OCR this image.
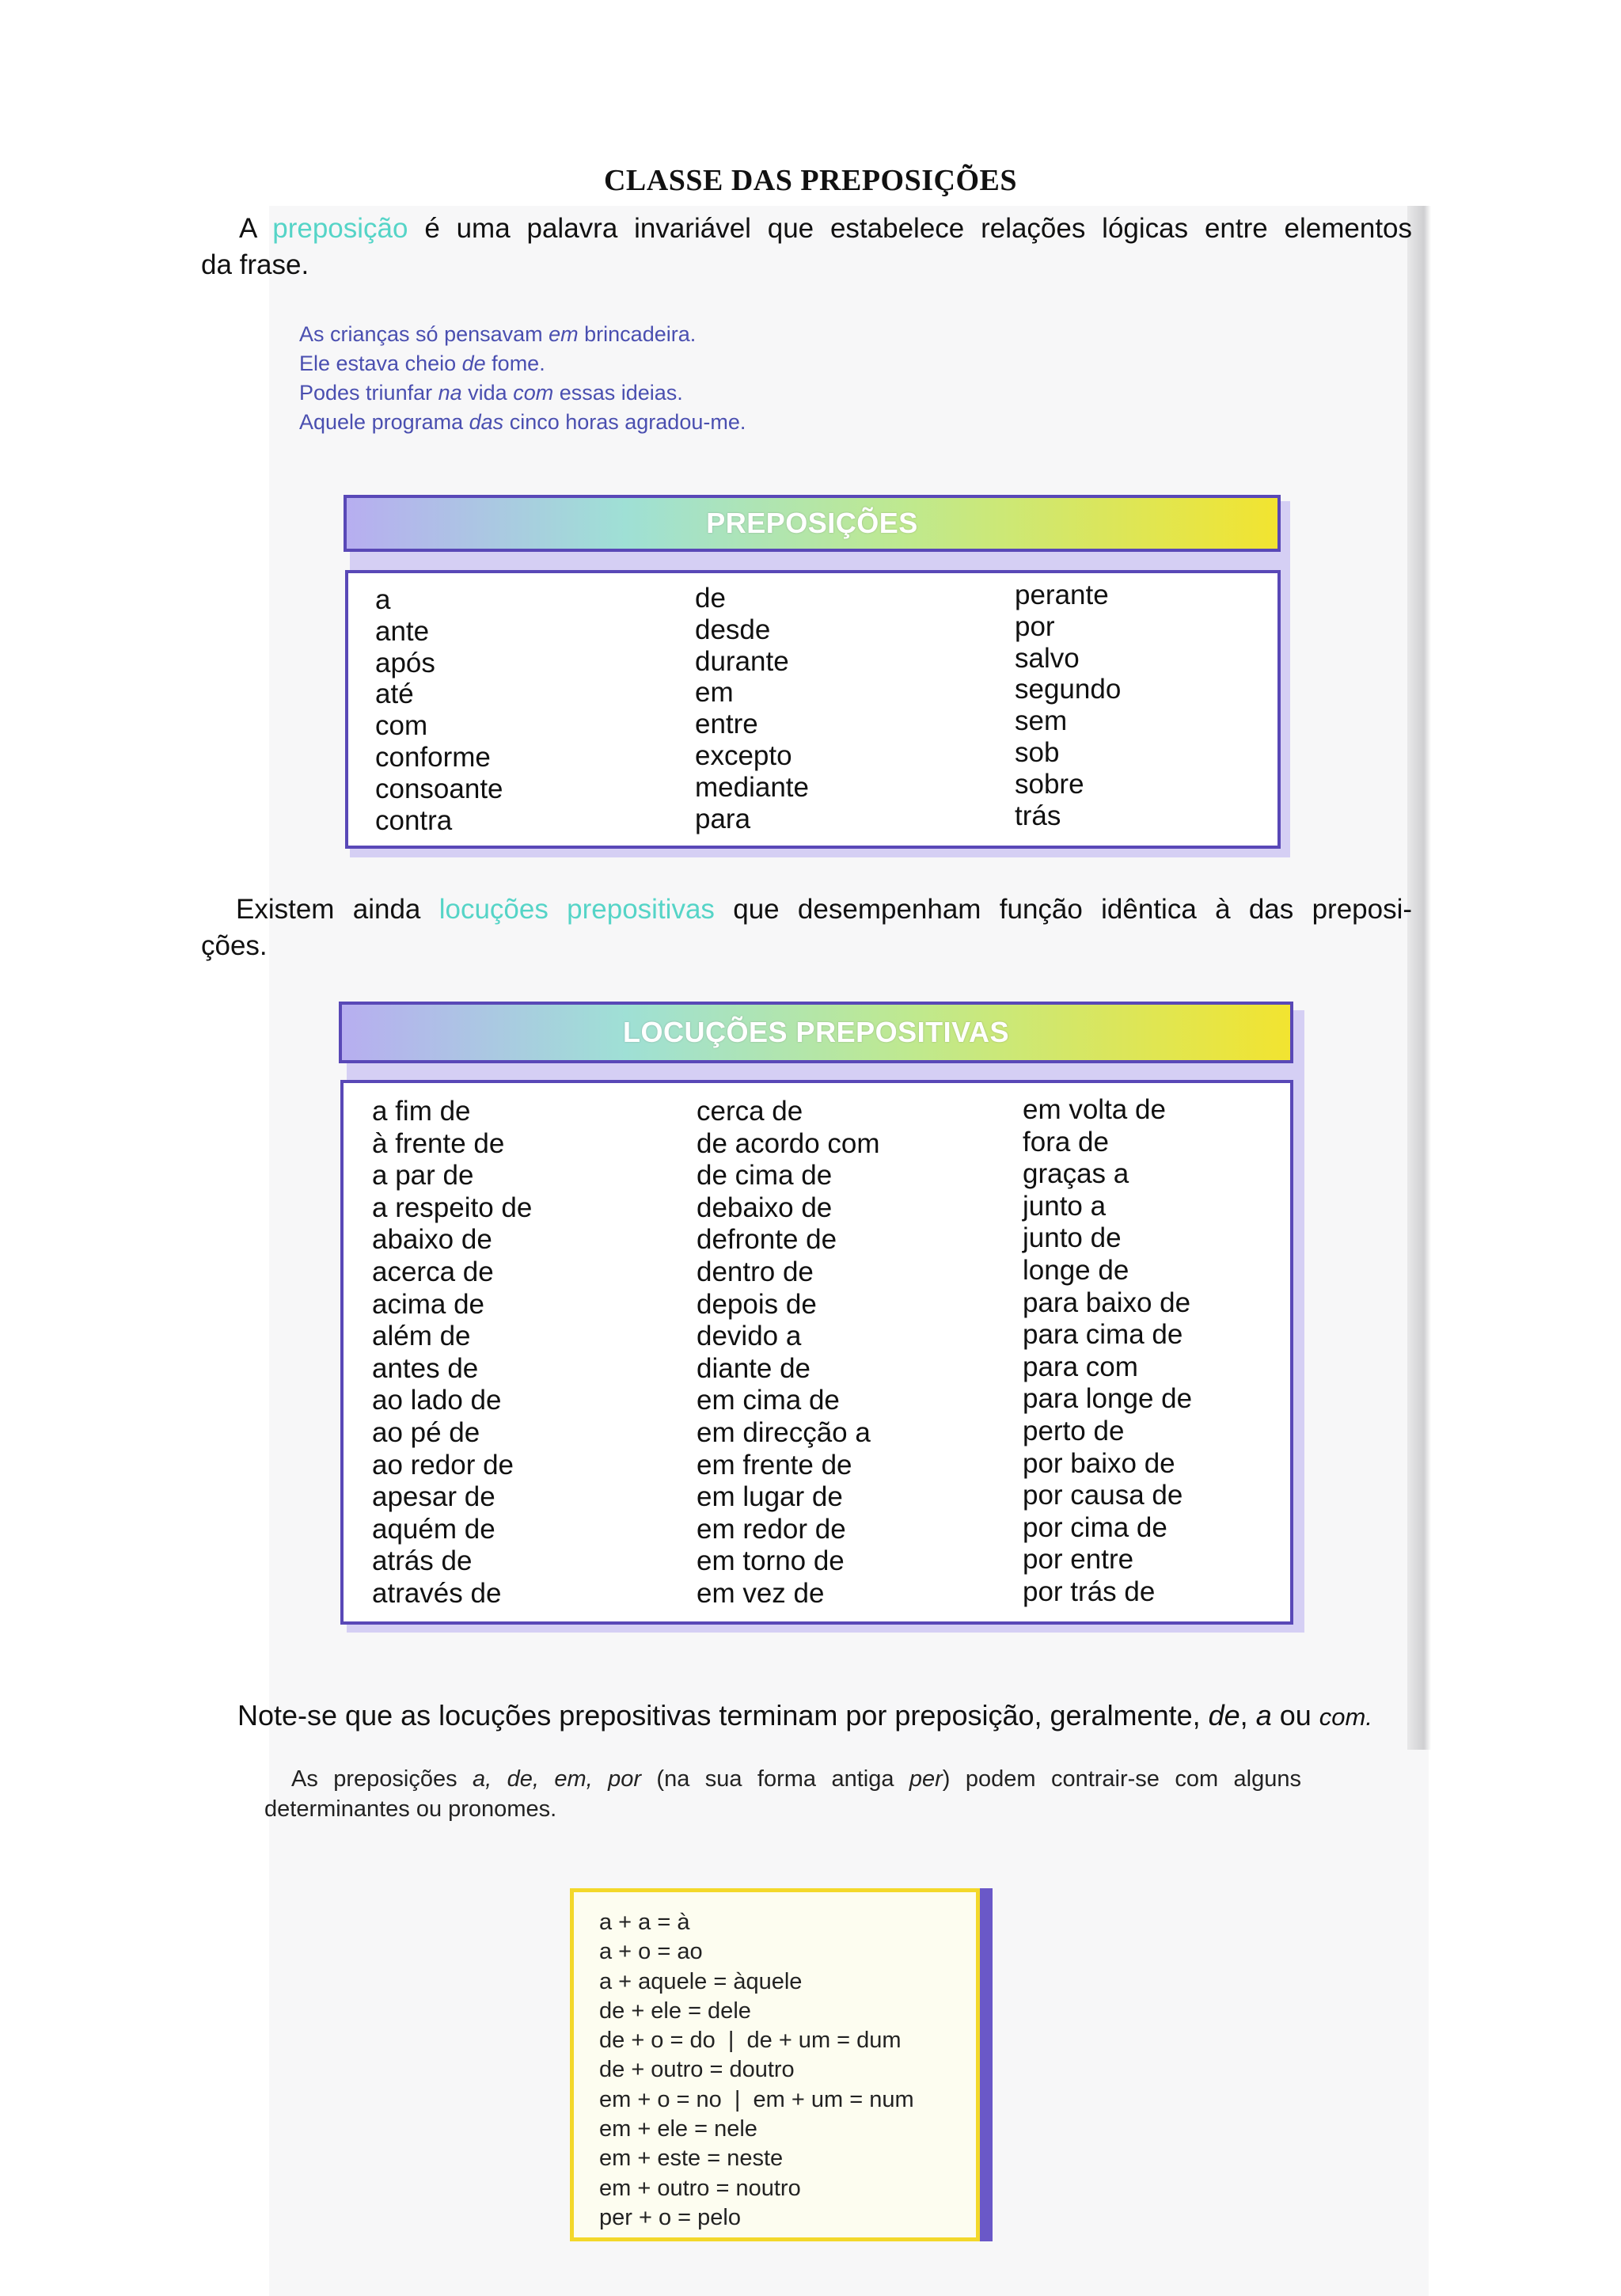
CLASSE DAS PREPOSIÇÕES
A preposição é uma palavra invariável que estabelece relações lógicas entre elementos
da frase.
As crianças só pensavam em brincadeira.
Ele estava cheio de fome.
Podes triunfar na vida com essas ideias.
Aquele programa das cinco horas agradou-me.
PREPOSIÇÕES
a
ante
após
até
com
conforme
consoante
contra
de
desde
durante
em
entre
excepto
mediante
para
perante
por
salvo
segundo
sem
sob
sobre
trás
Existem ainda locuções prepositivas que desempenham função idêntica à das preposi-
ções.
LOCUÇÕES PREPOSITIVAS
a fim de
à frente de
a par de
a respeito de
abaixo de
acerca de
acima de
além de
antes de
ao lado de
ao pé de
ao redor de
apesar de
aquém de
atrás de
através de
cerca de
de acordo com
de cima de
debaixo de
defronte de
dentro de
depois de
devido a
diante de
em cima de
em direcção a
em frente de
em lugar de
em redor de
em torno de
em vez de
em volta de
fora de
graças a
junto a
junto de
longe de
para baixo de
para cima de
para com
para longe de
perto de
por baixo de
por causa de
por cima de
por entre
por trás de
Note-se que as locuções prepositivas terminam por preposição, geralmente, de, a ou com.
As preposições a, de, em, por (na sua forma antiga per) podem contrair-se com alguns
determinantes ou pronomes.
a + a = à
a + o = ao
a + aquele = àquele
de + ele = dele
de + o = do  |  de + um = dum
de + outro = doutro
em + o = no  |  em + um = num
em + ele = nele
em + este = neste
em + outro = noutro
per + o = pelo
